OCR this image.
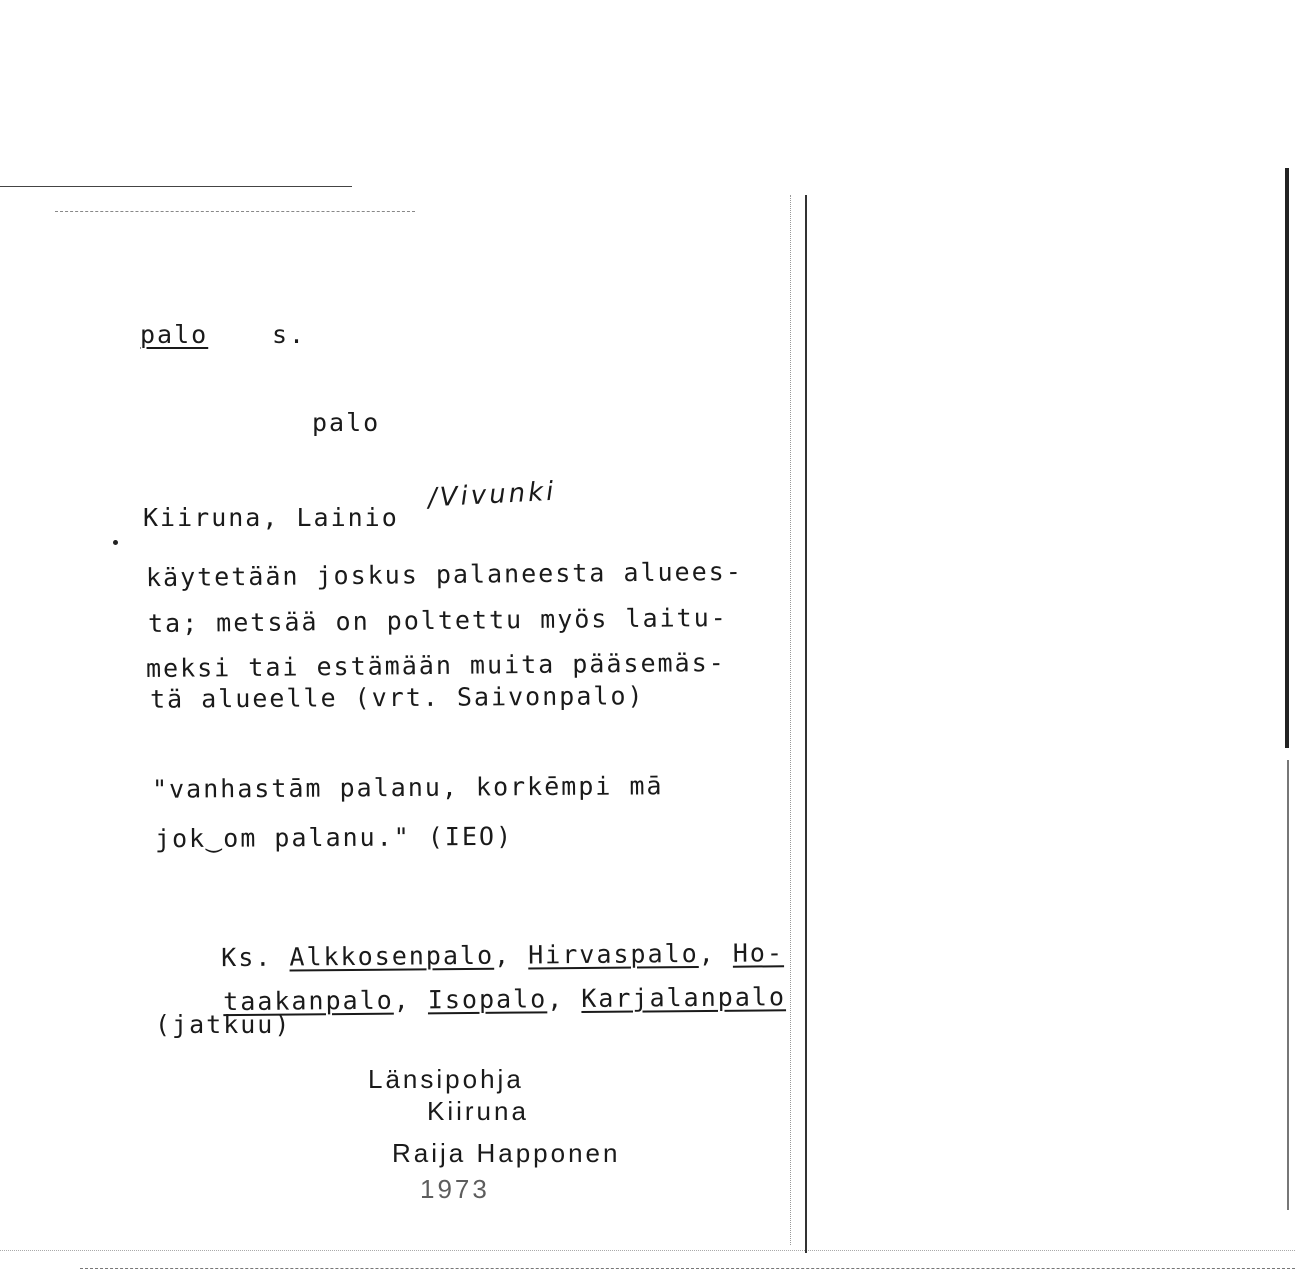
palo	s.
palo
Kiiruna, Lainio
/Vivunki
käytetään joskus palaneesta aluees-
ta; metsää on poltettu myös laitu-
meksi tai estämään muita pääsemäs-
tä alueelle (vrt. Saivonpalo)
"vanhastām palanu, korkēmpi mā
jok‿om palanu." (IEO)

Ks. Alkkosenpalo, Hirvaspalo, Ho-

taakanpalo, Isopalo, Karjalanpalo

(jatkuu)
Länsipohja
Kiiruna
Raija Happonen
1973
